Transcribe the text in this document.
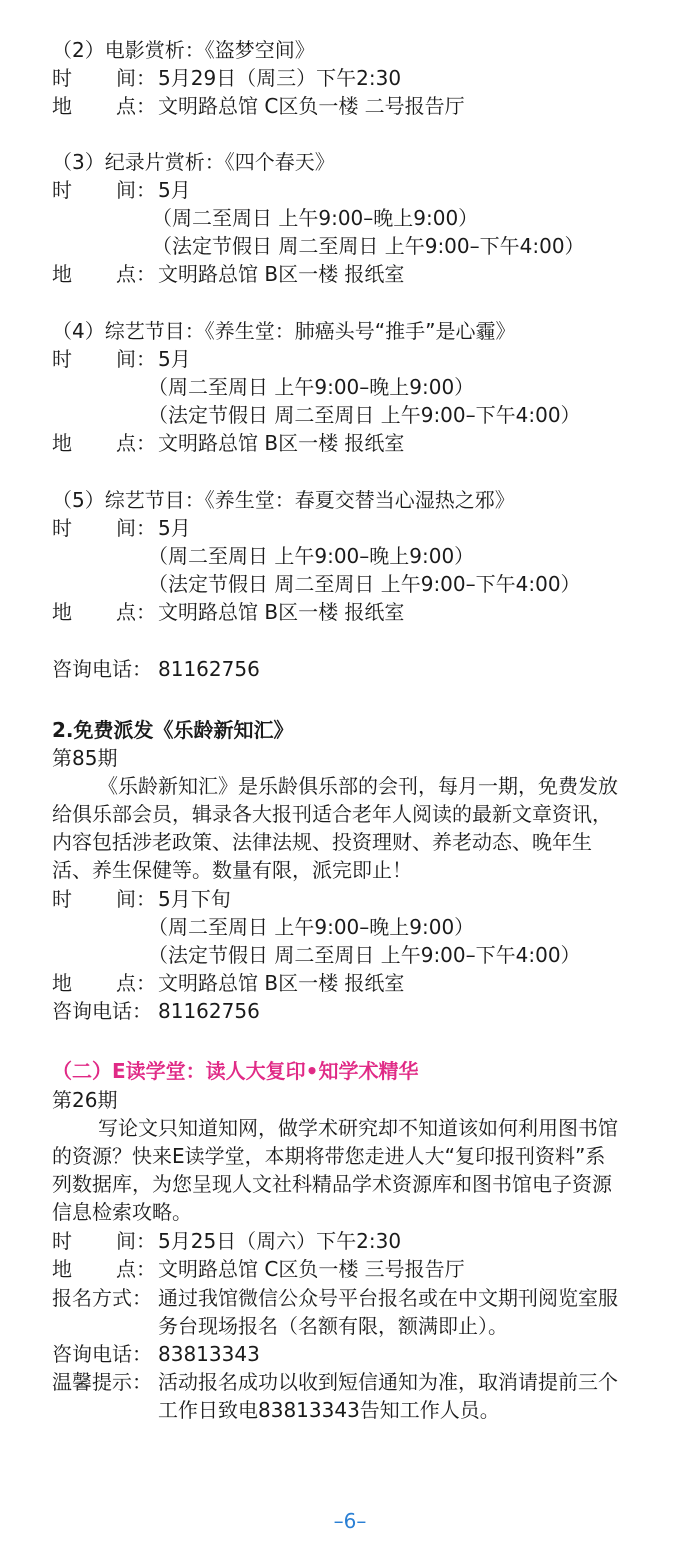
（2）电影赏析：《盗梦空间》
时 间： 5月29日（周三）下午2:30
地 点： 文明路总馆 C区负一楼 二号报告厅
（3）纪录片赏析：《四个春天》
时 间： 5月
（周二至周日 上午9:00–晚上9:00）
（法定节假日 周二至周日 上午9:00–下午4:00）
地 点： 文明路总馆 B区一楼 报纸室
（4）综艺节目：《养生堂：肺癌头号“推手”是心霾》
时 间： 5月
（周二至周日 上午9:00–晚上9:00）
（法定节假日 周二至周日 上午9:00–下午4:00）
地 点： 文明路总馆 B区一楼 报纸室
（5）综艺节目：《养生堂：春夏交替当心湿热之邪》
时 间： 5月
（周二至周日 上午9:00–晚上9:00）
（法定节假日 周二至周日 上午9:00–下午4:00）
地 点： 文明路总馆 B区一楼 报纸室
咨询电话： 81162756
2.免费派发《乐龄新知汇》
第85期
《乐龄新知汇》是乐龄俱乐部的会刊，每月一期，免费发放
给俱乐部会员，辑录各大报刊适合老年人阅读的最新文章资讯，
内容包括涉老政策、法律法规、投资理财、养老动态、晚年生
活、养生保健等。数量有限，派完即止！
时 间： 5月下旬
（周二至周日 上午9:00–晚上9:00）
（法定节假日 周二至周日 上午9:00–下午4:00）
地 点： 文明路总馆 B区一楼 报纸室
咨询电话： 81162756
（二）E读学堂：读人大复印•知学术精华
第26期
写论文只知道知网，做学术研究却不知道该如何利用图书馆
的资源？快来E读学堂，本期将带您走进人大“复印报刊资料”系
列数据库，为您呈现人文社科精品学术资源库和图书馆电子资源
信息检索攻略。
时 间： 5月25日（周六）下午2:30
地 点： 文明路总馆 C区负一楼 三号报告厅
报名方式： 通过我馆微信公众号平台报名或在中文期刊阅览室服
务台现场报名（名额有限，额满即止）。
咨询电话： 83813343
温馨提示： 活动报名成功以收到短信通知为准，取消请提前三个
工作日致电83813343告知工作人员。
–6–
